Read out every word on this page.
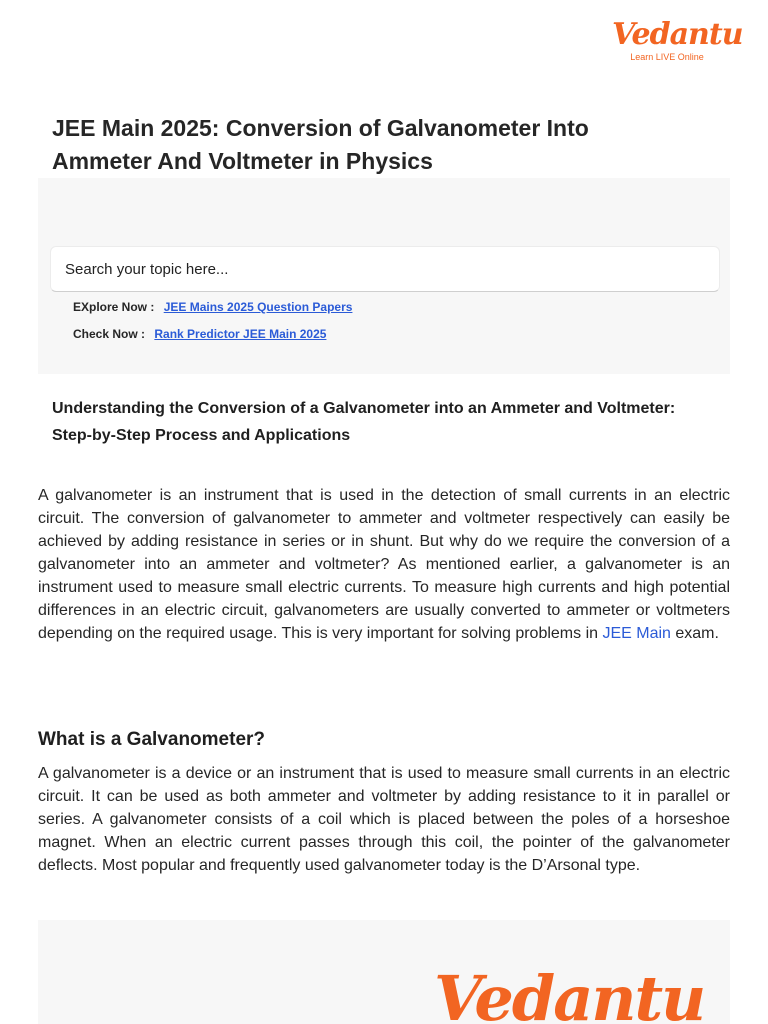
Vedantu
Learn LIVE Online
JEE Main 2025: Conversion of Galvanometer Into Ammeter And Voltmeter in Physics
Search your topic here...
EXplore Now : JEE Mains 2025 Question Papers
Check Now : Rank Predictor JEE Main 2025
Understanding the Conversion of a Galvanometer into an Ammeter and Voltmeter: Step-by-Step Process and Applications

A galvanometer is an instrument that is used in the detection of small currents in an electric circuit. The conversion of galvanometer to ammeter and voltmeter respectively can easily be achieved by adding resistance in series or in shunt. But why do we require the conversion of a galvanometer into an ammeter and voltmeter? As mentioned earlier, a galvanometer is an instrument used to measure small electric currents. To measure high currents and high potential differences in an electric circuit, galvanometers are usually converted to ammeter or voltmeters depending on the required usage. This is very important for solving problems in JEE Main exam.

What is a Galvanometer?

A galvanometer is a device or an instrument that is used to measure small currents in an electric circuit. It can be used as both ammeter and voltmeter by adding resistance to it in parallel or series. A galvanometer consists of a coil which is placed between the poles of a horseshoe magnet. When an electric current passes through this coil, the pointer of the galvanometer deflects. Most popular and frequently used galvanometer today is the D’Arsonal type.

Vedantu
